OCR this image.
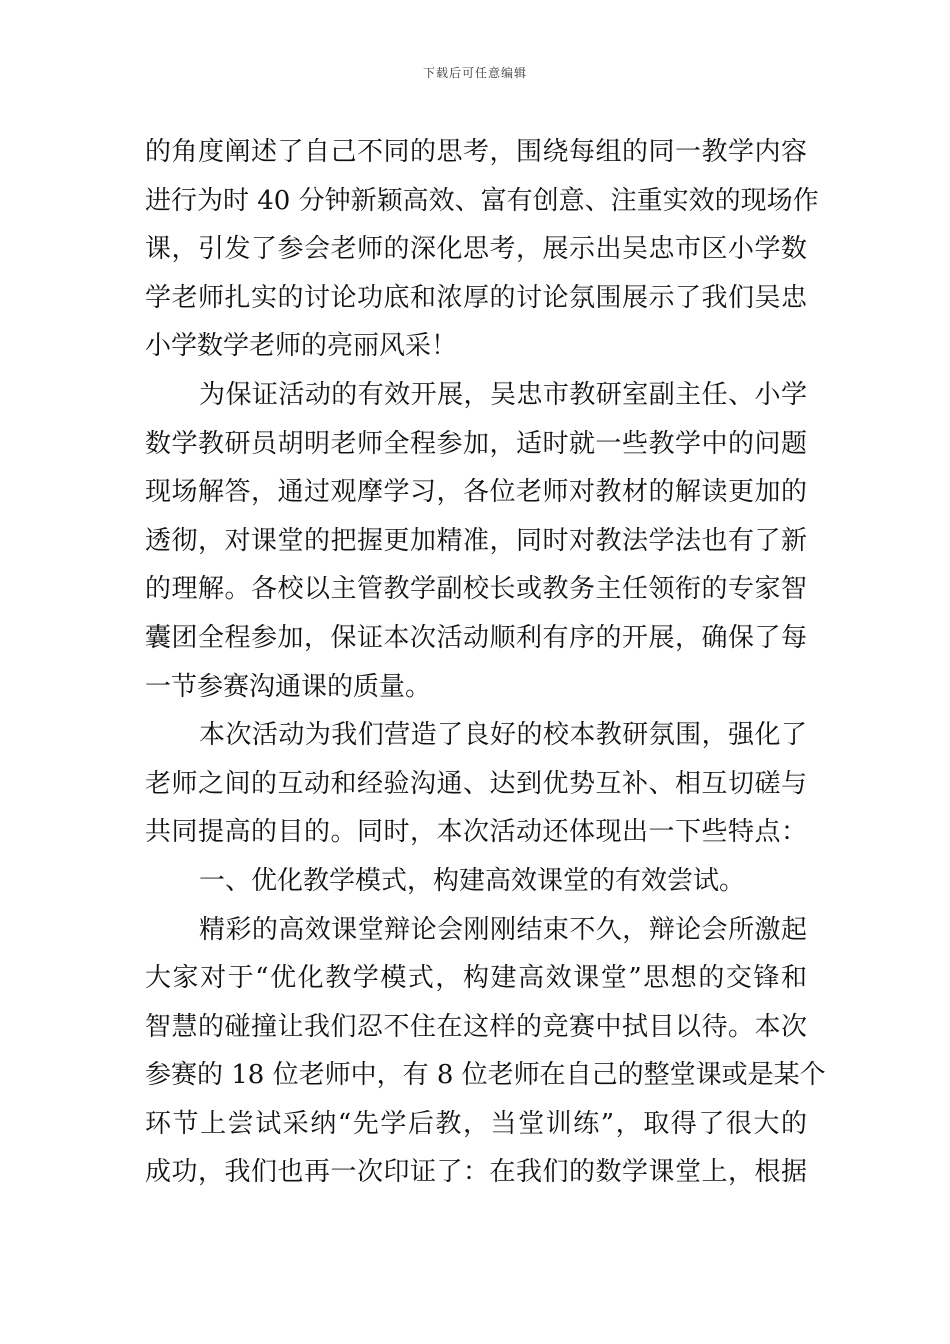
下载后可任意编辑
的角度阐述了自己不同的思考，围绕每组的同一教学内容
进行为时 40 分钟新颖高效、富有创意、注重实效的现场作
课，引发了参会老师的深化思考，展示出吴忠市区小学数
学老师扎实的讨论功底和浓厚的讨论氛围展示了我们吴忠
小学数学老师的亮丽风采！
为保证活动的有效开展，吴忠市教研室副主任、小学
数学教研员胡明老师全程参加，适时就一些教学中的问题
现场解答，通过观摩学习，各位老师对教材的解读更加的
透彻，对课堂的把握更加精准，同时对教法学法也有了新
的理解。各校以主管教学副校长或教务主任领衔的专家智
囊团全程参加，保证本次活动顺利有序的开展，确保了每
一节参赛沟通课的质量。
本次活动为我们营造了良好的校本教研氛围，强化了
老师之间的互动和经验沟通、达到优势互补、相互切磋与
共同提高的目的。同时，本次活动还体现出一下些特点：
一、优化教学模式，构建高效课堂的有效尝试。
精彩的高效课堂辩论会刚刚结束不久，辩论会所激起
大家对于“优化教学模式，构建高效课堂”思想的交锋和
智慧的碰撞让我们忍不住在这样的竞赛中拭目以待。本次
参赛的 18 位老师中，有 8 位老师在自己的整堂课或是某个
环节上尝试采纳“先学后教，当堂训练”，取得了很大的
成功，我们也再一次印证了：在我们的数学课堂上，根据
